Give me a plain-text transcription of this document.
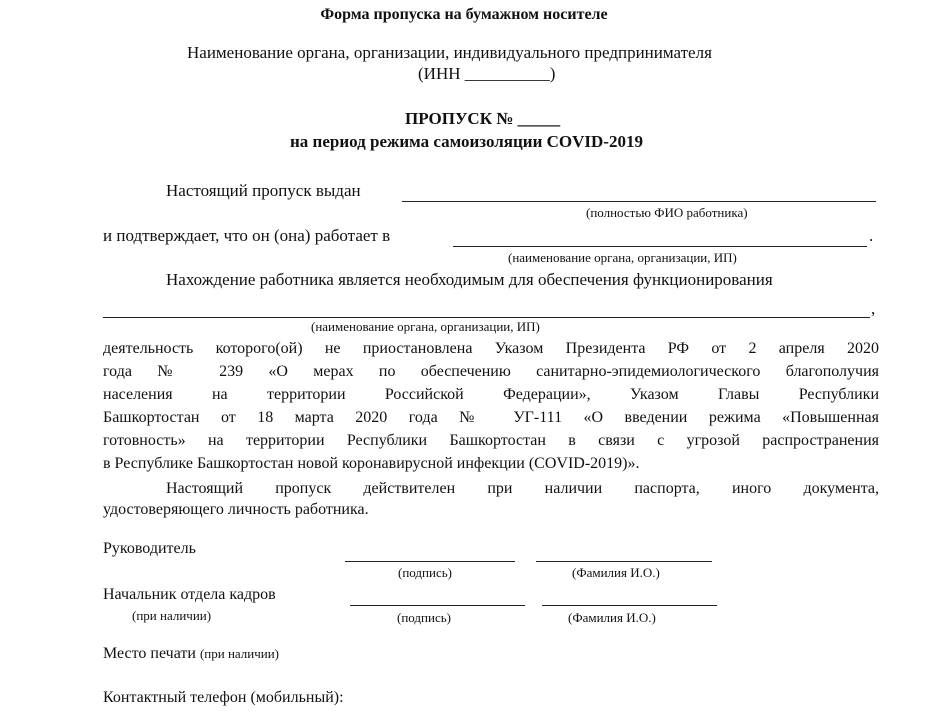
Форма пропуска на бумажном носителе
Наименование органа, организации, индивидуального предпринимателя
(ИНН __________)
ПРОПУСК № _____
на период режима самоизоляции COVID-2019
Настоящий пропуск выдан
(полностью ФИО работника)
и подтверждает, что он (она) работает в	.
(наименование органа, организации, ИП)
Нахождение работника является необходимым для обеспечения функционирования
,
(наименование органа, организации, ИП)
деятельность которого(ой) не приостановлена Указом Президента РФ от 2 апреля 2020
года № 239 «О мерах по обеспечению санитарно-эпидемиологического благополучия
населения на территории Российской Федерации», Указом Главы Республики
Башкортостан от 18 марта 2020 года № УГ-111 «О введении режима «Повышенная
готовность» на территории Республики Башкортостан в связи с угрозой распространения
в Республике Башкортостан новой коронавирусной инфекции (COVID-2019)».
Настоящий пропуск действителен при наличии паспорта, иного документа,
удостоверяющего личность работника.
Руководитель
(подпись)	(Фамилия И.О.)
Начальник отдела кадров
(при наличии)	(подпись)	(Фамилия И.О.)
Место печати (при наличии)
Контактный телефон (мобильный):
